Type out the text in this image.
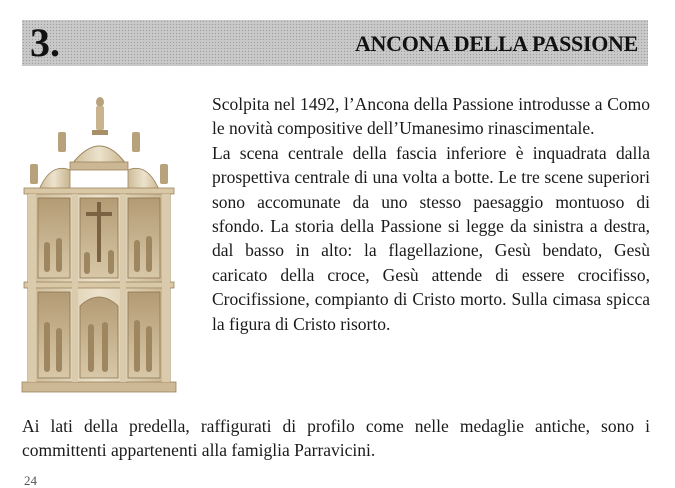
3.	ANCONA DELLA PASSIONE

Scolpita nel 1492, l’Ancona della Passione introdusse a Como le novità compositive dell’Umanesimo rinascimentale.

La scena centrale della fascia inferiore è inquadrata dalla prospettiva centrale di una volta a botte. Le tre scene superiori sono accomunate da uno stesso paesaggio montuoso di sfondo. La storia della Passione si legge da sinistra a destra, dal basso in alto: la flagellazione, Gesù bendato, Gesù caricato della croce, Gesù attende di essere crocifisso, Crocifissione, compianto di Cristo morto. Sulla cimasa spicca la figura di Cristo risorto.

Ai lati della predella, raffigurati di profilo come nelle medaglie antiche, sono i committenti appartenenti alla famiglia Parravicini.
24
